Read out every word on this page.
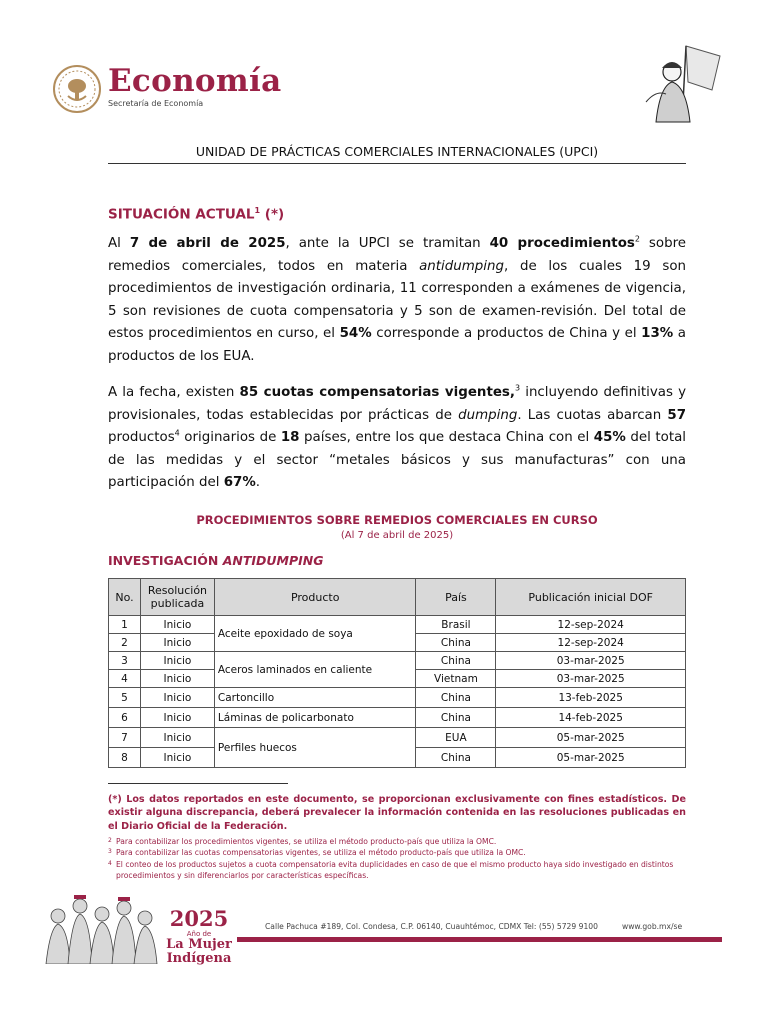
Economía
Secretaría de Economía
UNIDAD DE PRÁCTICAS COMERCIALES INTERNACIONALES (UPCI)
SITUACIÓN ACTUAL$^1$ (*)
Al 7 de abril de 2025, ante la UPCI se tramitan 40 procedimientos$^2$ sobre remedios comerciales, todos en materia antidumping, de los cuales 19 son procedimientos de investigación ordinaria, 11 corresponden a exámenes de vigencia, 5 son revisiones de cuota compensatoria y 5 son de examen-revisión. Del total de estos procedimientos en curso, el 54% corresponde a productos de China y el 13% a productos de los EUA.
A la fecha, existen 85 cuotas compensatorias vigentes,$^3$ incluyendo definitivas y provisionales, todas establecidas por prácticas de dumping. Las cuotas abarcan 57 productos$^4$ originarios de 18 países, entre los que destaca China con el 45% del total de las medidas y el sector “metales básicos y sus manufacturas” con una participación del 67%.
PROCEDIMIENTOS SOBRE REMEDIOS COMERCIALES EN CURSO
(Al 7 de abril de 2025)
INVESTIGACIÓN ANTIDUMPING
No.	Resolución publicada	Producto	País	Publicación inicial DOF
1	Inicio	Aceite epoxidado de soya	Brasil	12-sep-2024
2	Inicio		China	12-sep-2024
3	Inicio	Aceros laminados en caliente	China	03-mar-2025
4	Inicio		Vietnam	03-mar-2025
5	Inicio	Cartoncillo	China	13-feb-2025
6	Inicio	Láminas de policarbonato	China	14-feb-2025
7	Inicio	Perfiles huecos	EUA	05-mar-2025
8	Inicio		China	05-mar-2025
(*) Los datos reportados en este documento, se proporcionan exclusivamente con fines estadísticos. De existir alguna discrepancia, deberá prevalecer la información contenida en las resoluciones publicadas en el Diario Oficial de la Federación.
2 Para contabilizar los procedimientos vigentes, se utiliza el método producto-país que utiliza la OMC.
3 Para contabilizar las cuotas compensatorias vigentes, se utiliza el método producto-país que utiliza la OMC.
4 El conteo de los productos sujetos a cuota compensatoria evita duplicidades en caso de que el mismo producto haya sido investigado en distintos procedimientos y sin diferenciarlos por características específicas.
2025
Año de
La Mujer
Indígena
Calle Pachuca #189, Col. Condesa, C.P. 06140, Cuauhtémoc, CDMX Tel: (55) 5729 9100	www.gob.mx/se
